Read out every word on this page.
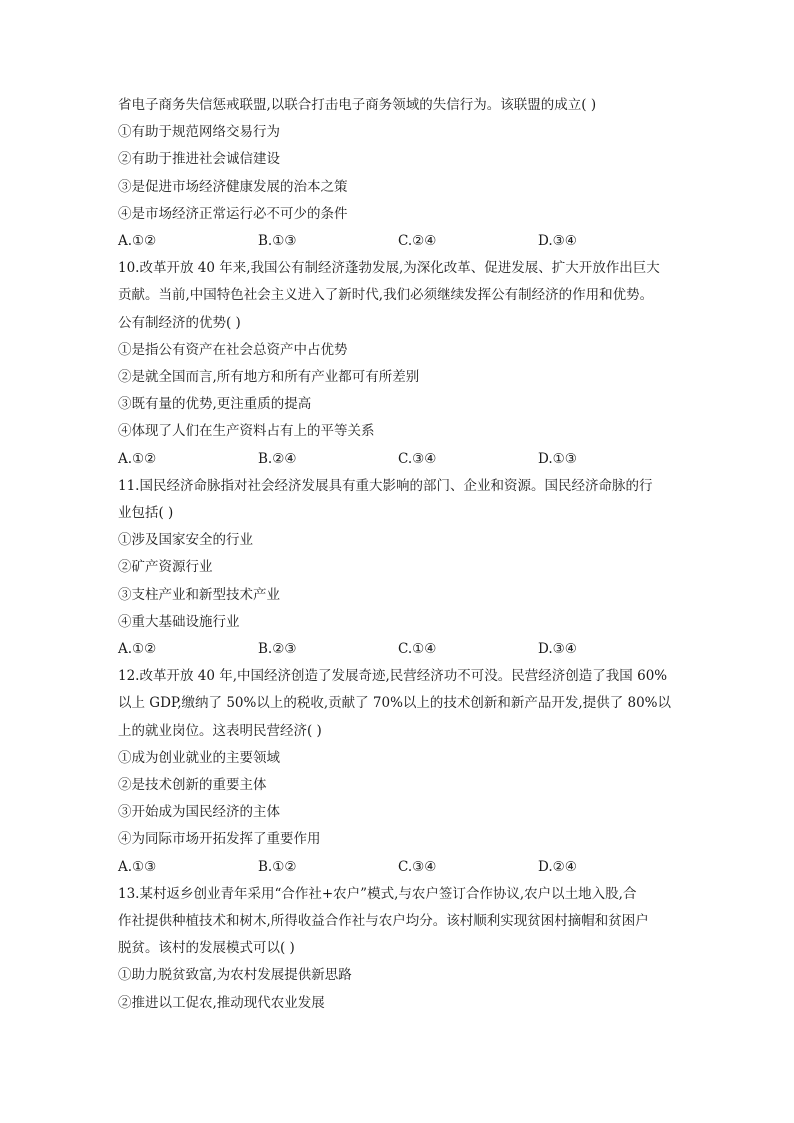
省电子商务失信惩戒联盟,以联合打击电子商务领域的失信行为。该联盟的成立( )
①有助于规范网络交易行为
②有助于推进社会诚信建设
③是促进市场经济健康发展的治本之策
④是市场经济正常运行必不可少的条件
A.①②	B.①③	C.②④	D.③④
10.改革开放 40 年来,我国公有制经济蓬勃发展,为深化改革、促进发展、扩大开放作出巨大
贡献。当前,中国特色社会主义进入了新时代,我们必须继续发挥公有制经济的作用和优势。
公有制经济的优势( )
①是指公有资产在社会总资产中占优势
②是就全国而言,所有地方和所有产业都可有所差别
③既有量的优势,更注重质的提高
④体现了人们在生产资料占有上的平等关系
A.①②	B.②④	C.③④	D.①③
11.国民经济命脉指对社会经济发展具有重大影响的部门、企业和资源。国民经济命脉的行
业包括( )
①涉及国家安全的行业
②矿产资源行业
③支柱产业和新型技术产业
④重大基础设施行业
A.①②	B.②③	C.①④	D.③④
12.改革开放 40 年,中国经济创造了发展奇迹,民营经济功不可没。民营经济创造了我国 60%
以上 GDP,缴纳了 50%以上的税收,贡献了 70%以上的技术创新和新产品开发,提供了 80%以
上的就业岗位。这表明民营经济( )
①成为创业就业的主要领域
②是技术创新的重要主体
③开始成为国民经济的主体
④为同际市场开拓发挥了重要作用
A.①③	B.①②	C.③④	D.②④
13.某村返乡创业青年采用“合作社+农户”模式,与农户签订合作协议,农户以土地入股,合
作社提供种植技术和树木,所得收益合作社与农户均分。该村顺利实现贫困村摘帽和贫困户
脱贫。该村的发展模式可以( )
①助力脱贫致富,为农村发展提供新思路
②推进以工促农,推动现代农业发展
